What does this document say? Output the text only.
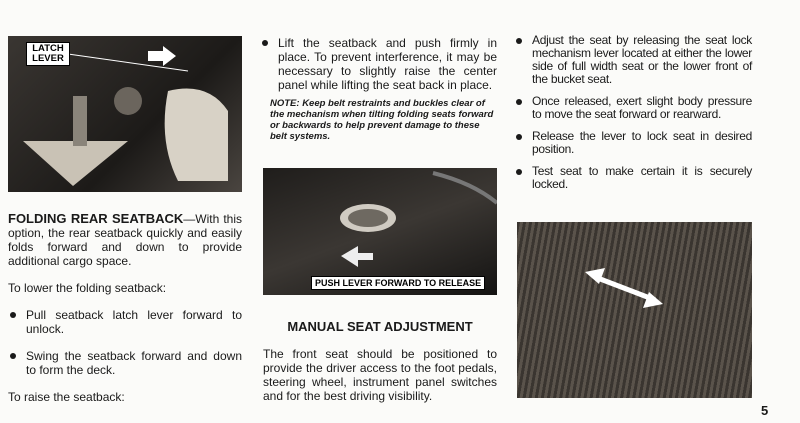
LATCH LEVER

FOLDING REAR SEATBACK—With this option, the rear seatback quickly and easily folds forward and down to provide additional cargo space.

To lower the folding seatback:

Pull seatback latch lever forward to unlock.

Swing the seatback forward and down to form the deck.

To raise the seatback:

Lift the seatback and push firmly in place. To prevent interference, it may be necessary to slightly raise the center panel while lifting the seat back in place.

NOTE: Keep belt restraints and buckles clear of the mechanism when tilting folding seats forward or backwards to help prevent damage to these belt systems.

PUSH LEVER FORWARD TO RELEASE

MANUAL SEAT ADJUSTMENT

The front seat should be positioned to provide the driver access to the foot pedals, steering wheel, instrument panel switches and for the best driving visibility.

Adjust the seat by releasing the seat lock mechanism lever located at either the lower side of full width seat or the lower front of the bucket seat.

Once released, exert slight body pressure to move the seat forward or rearward.

Release the lever to lock seat in desired position.

Test seat to make certain it is securely locked.

5
